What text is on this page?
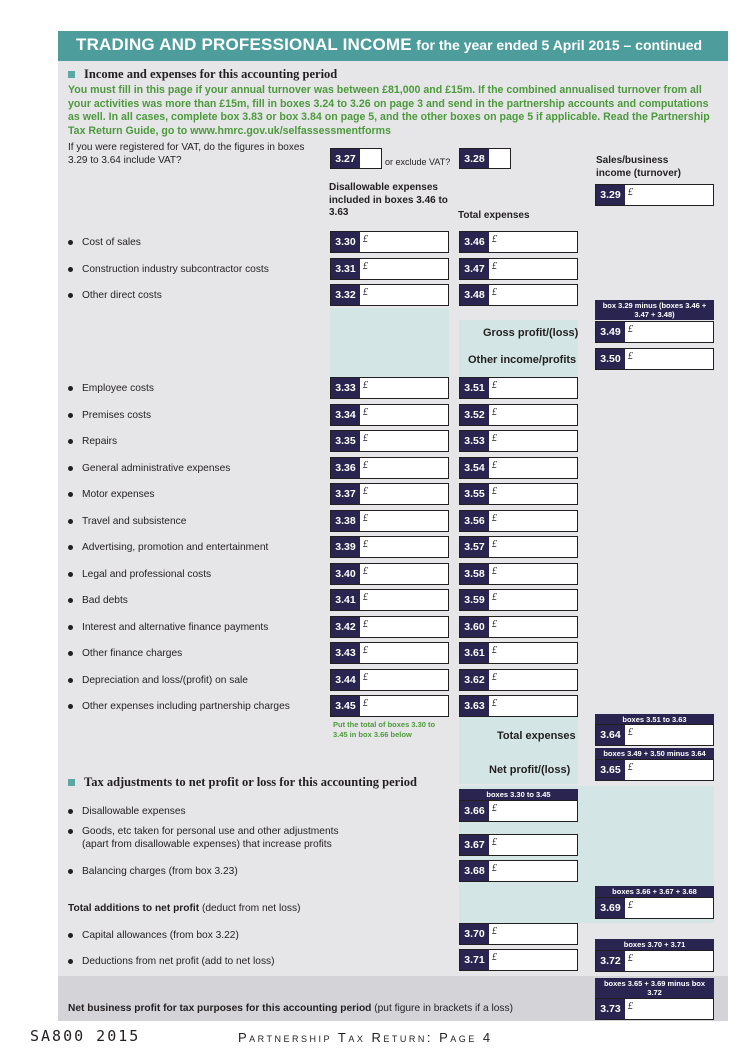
TRADING AND PROFESSIONAL INCOME for the year ended 5 April 2015 – continued
Income and expenses for this accounting period
You must fill in this page if your annual turnover was between £81,000 and £15m. If the combined annualised turnover from all your activities was more than £15m, fill in boxes 3.24 to 3.26 on page 3 and send in the partnership accounts and computations as well. In all cases, complete box 3.83 or box 3.84 on page 5, and the other boxes on page 5 if applicable. Read the Partnership Tax Return Guide, go to www.hmrc.gov.uk/selfassessmentforms
If you were registered for VAT, do the figures in boxes 3.29 to 3.64 include VAT?	3.27	or exclude VAT?	3.28
Disallowable expenses included in boxes 3.46 to 3.63	Total expenses
Sales/business income (turnover)
3.29 £
Cost of sales	3.30 £	3.46 £
Construction industry subcontractor costs	3.31 £	3.47 £
Other direct costs	3.32 £	3.48 £
box 3.29 minus (boxes 3.46 + 3.47 + 3.48)
Gross profit/(loss)	3.49 £
Other income/profits	3.50 £
Employee costs	3.33 £	3.51 £
Premises costs	3.34 £	3.52 £
Repairs	3.35 £	3.53 £
General administrative expenses	3.36 £	3.54 £
Motor expenses	3.37 £	3.55 £
Travel and subsistence	3.38 £	3.56 £
Advertising, promotion and entertainment	3.39 £	3.57 £
Legal and professional costs	3.40 £	3.58 £
Bad debts	3.41 £	3.59 £
Interest and alternative finance payments	3.42 £	3.60 £
Other finance charges	3.43 £	3.61 £
Depreciation and loss/(profit) on sale	3.44 £	3.62 £
Other expenses including partnership charges	3.45 £	3.63 £
Put the total of boxes 3.30 to 3.45 in box 3.66 below
boxes 3.51 to 3.63
Total expenses	3.64 £
boxes 3.49 + 3.50 minus 3.64
Net profit/(loss)	3.65 £
Tax adjustments to net profit or loss for this accounting period
boxes 3.30 to 3.45
Disallowable expenses	3.66 £
Goods, etc taken for personal use and other adjustments
(apart from disallowable expenses) that increase profits	3.67 £
Balancing charges (from box 3.23)	3.68 £
boxes 3.66 + 3.67 + 3.68
Total additions to net profit (deduct from net loss)	3.69 £
Capital allowances (from box 3.22)	3.70 £
boxes 3.70 + 3.71
Deductions from net profit (add to net loss)	3.71 £	3.72 £
boxes 3.65 + 3.69 minus box 3.72
Net business profit for tax purposes for this accounting period (put figure in brackets if a loss)	3.73 £
SA800 2015	Partnership Tax Return: Page 4
